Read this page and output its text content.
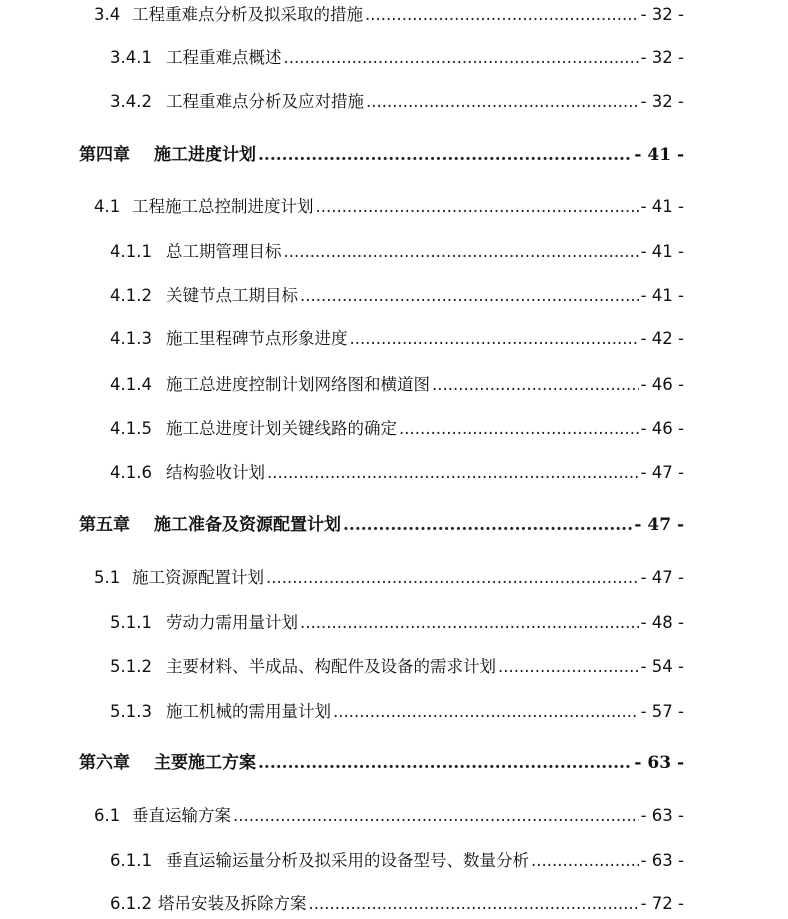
3.4 工程重难点分析及拟采取的措施 .....	- 32 -
3.4.1 工程重难点概述 .....	- 32 -
3.4.2 工程重难点分析及应对措施 .....	- 32 -
第四章	施工进度计划 .....	- 41 -
4.1 工程施工总控制进度计划 .....	- 41 -
4.1.1 总工期管理目标 .....	- 41 -
4.1.2 关键节点工期目标 .....	- 41 -
4.1.3 施工里程碑节点形象进度 .....	- 42 -
4.1.4 施工总进度控制计划网络图和横道图 .....	- 46 -
4.1.5 施工总进度计划关键线路的确定 .....	- 46 -
4.1.6 结构验收计划 .....	- 47 -
第五章	施工准备及资源配置计划 .....	- 47 -
5.1 施工资源配置计划 .....	- 47 -
5.1.1 劳动力需用量计划 .....	- 48 -
5.1.2 主要材料、半成品、构配件及设备的需求计划 .....	- 54 -
5.1.3 施工机械的需用量计划 .....	- 57 -
第六章	主要施工方案 .....	- 63 -
6.1 垂直运输方案 .....	- 63 -
6.1.1 垂直运输运量分析及拟采用的设备型号、数量分析 .....	- 63 -
6.1.2 塔吊安装及拆除方案 .....	- 72 -
